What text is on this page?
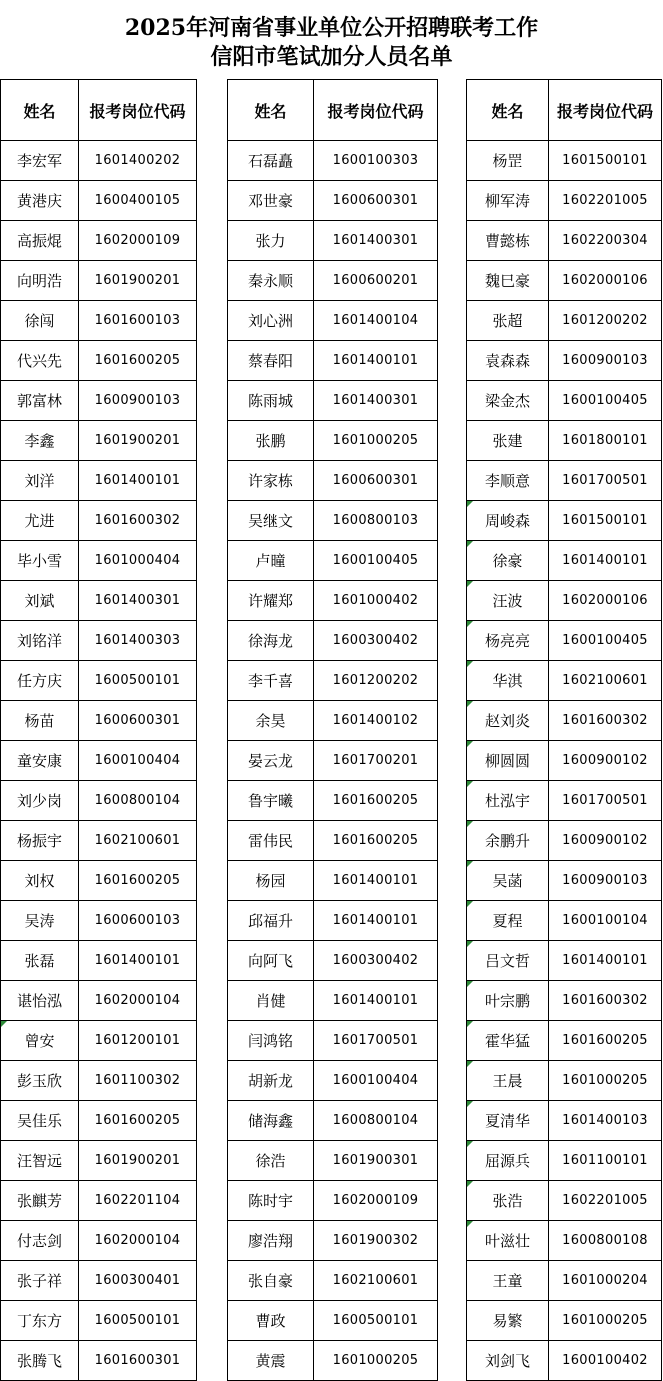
2025年河南省事业单位公开招聘联考工作
信阳市笔试加分人员名单
姓名	报考岗位代码
李宏军	1601400202
黄港庆	1600400105
高振焜	1602000109
向明浩	1601900201
徐闯	1601600103
代兴先	1601600205
郭富林	1600900103
李鑫	1601900201
刘洋	1601400101
尤进	1601600302
毕小雪	1601000404
刘斌	1601400301
刘铭洋	1601400303
任方庆	1600500101
杨苗	1600600301
童安康	1600100404
刘少岗	1600800104
杨振宇	1602100601
刘权	1601600205
吴涛	1600600103
张磊	1601400101
谌怡泓	1602000104
曾安	1601200101
彭玉欣	1601100302
吴佳乐	1601600205
汪智远	1601900201
张麒芳	1602201104
付志剑	1602000104
张子祥	1600300401
丁东方	1600500101
张腾飞	1601600301
姓名	报考岗位代码
石磊矗	1600100303
邓世豪	1600600301
张力	1601400301
秦永顺	1600600201
刘心洲	1601400104
蔡春阳	1601400101
陈雨城	1601400301
张鹏	1601000205
许家栋	1600600301
吴继文	1600800103
卢曈	1600100405
许耀郑	1601000402
徐海龙	1600300402
李千喜	1601200202
余昊	1601400102
晏云龙	1601700201
鲁宇曦	1601600205
雷伟民	1601600205
杨园	1601400101
邱福升	1601400101
向阿飞	1600300402
肖健	1601400101
闫鸿铭	1601700501
胡新龙	1600100404
储海鑫	1600800104
徐浩	1601900301
陈时宇	1602000109
廖浩翔	1601900302
张自豪	1602100601
曹政	1600500101
黄震	1601000205
姓名	报考岗位代码
杨罡	1601500101
柳军涛	1602201005
曹懿栋	1602200304
魏巳豪	1602000106
张超	1601200202
袁森森	1600900103
梁金杰	1600100405
张建	1601800101
李顺意	1601700501
周峻森	1601500101
徐豪	1601400101
汪波	1602000106
杨亮亮	1600100405
华淇	1602100601
赵刘炎	1601600302
柳圆圆	1600900102
杜泓宇	1601700501
余鹏升	1600900102
吴菡	1600900103
夏程	1600100104
吕文哲	1601400101
叶宗鹏	1601600302
霍华猛	1601600205
王晨	1601000205
夏清华	1601400103
屈源兵	1601100101
张浩	1602201005
叶滋壮	1600800108
王童	1601000204
易繁	1601000205
刘剑飞	1600100402
